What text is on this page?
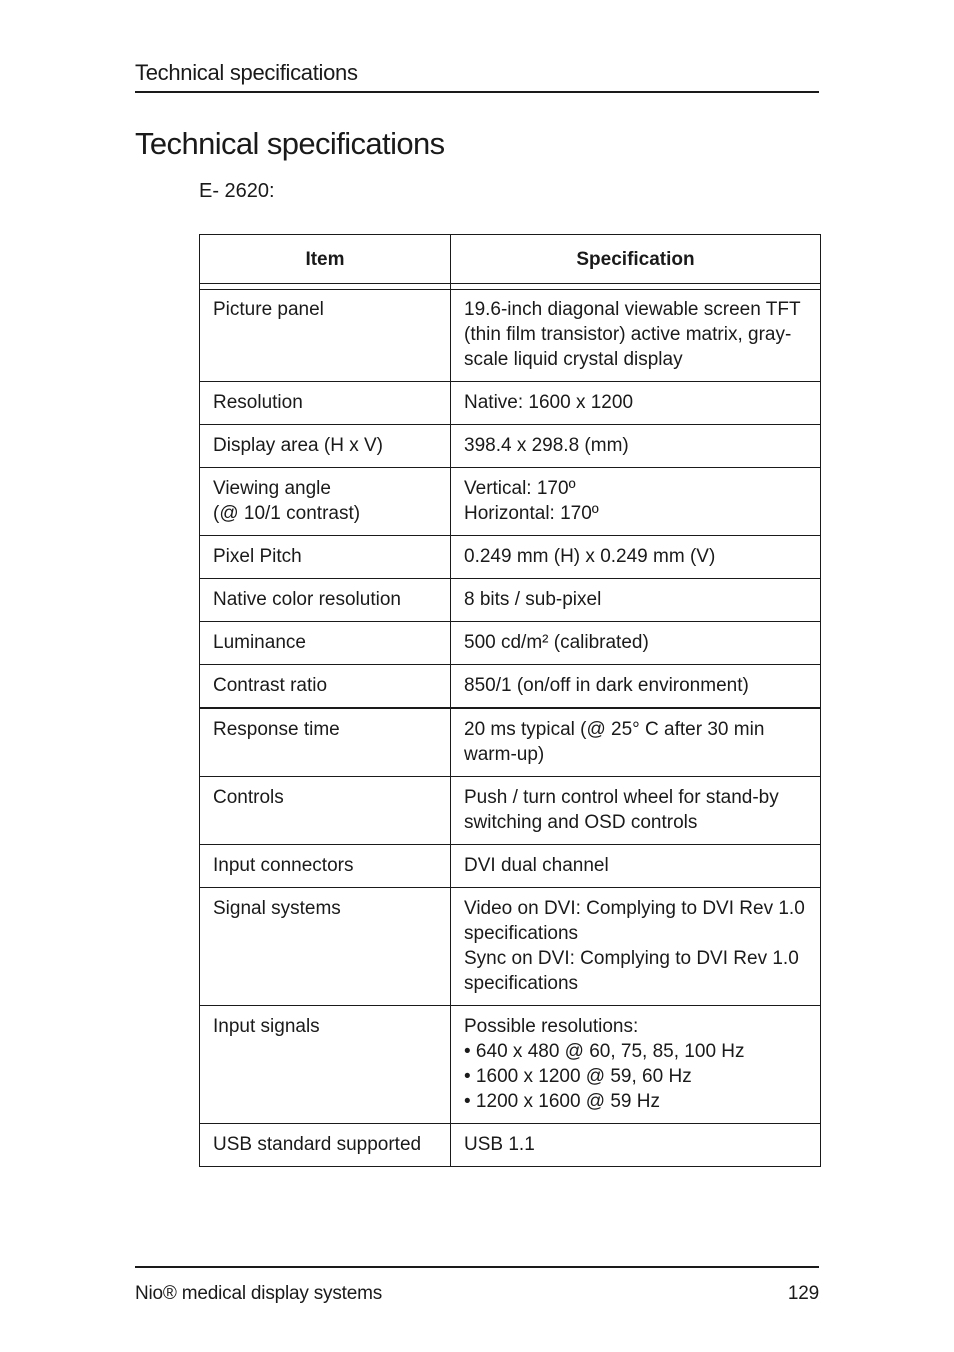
Technical specifications
Technical specifications
E- 2620:
Item	Specification

Picture panel	19.6-inch diagonal viewable screen TFT
(thin film transistor) active matrix, gray-
scale liquid crystal display

Resolution	Native: 1600 x 1200

Display area (H x V)	398.4 x 298.8 (mm)

Viewing angle
(@ 10/1 contrast)	Vertical: 170º
Horizontal: 170º

Pixel Pitch	0.249 mm (H) x 0.249 mm (V)

Native color resolution	8 bits / sub-pixel

Luminance	500 cd/m² (calibrated)

Contrast ratio	850/1 (on/off in dark environment)

Response time	20 ms typical (@ 25° C after 30 min
warm-up)

Controls	Push / turn control wheel for stand-by
switching and OSD controls

Input connectors	DVI dual channel

Signal systems	Video on DVI: Complying to DVI Rev 1.0
specifications
Sync on DVI: Complying to DVI Rev 1.0
specifications

Input signals	Possible resolutions:
• 640 x 480 @ 60, 75, 85, 100 Hz
• 1600 x 1200 @ 59, 60 Hz
• 1200 x 1600 @ 59 Hz

USB standard supported	USB 1.1
Nio® medical display systems	129
